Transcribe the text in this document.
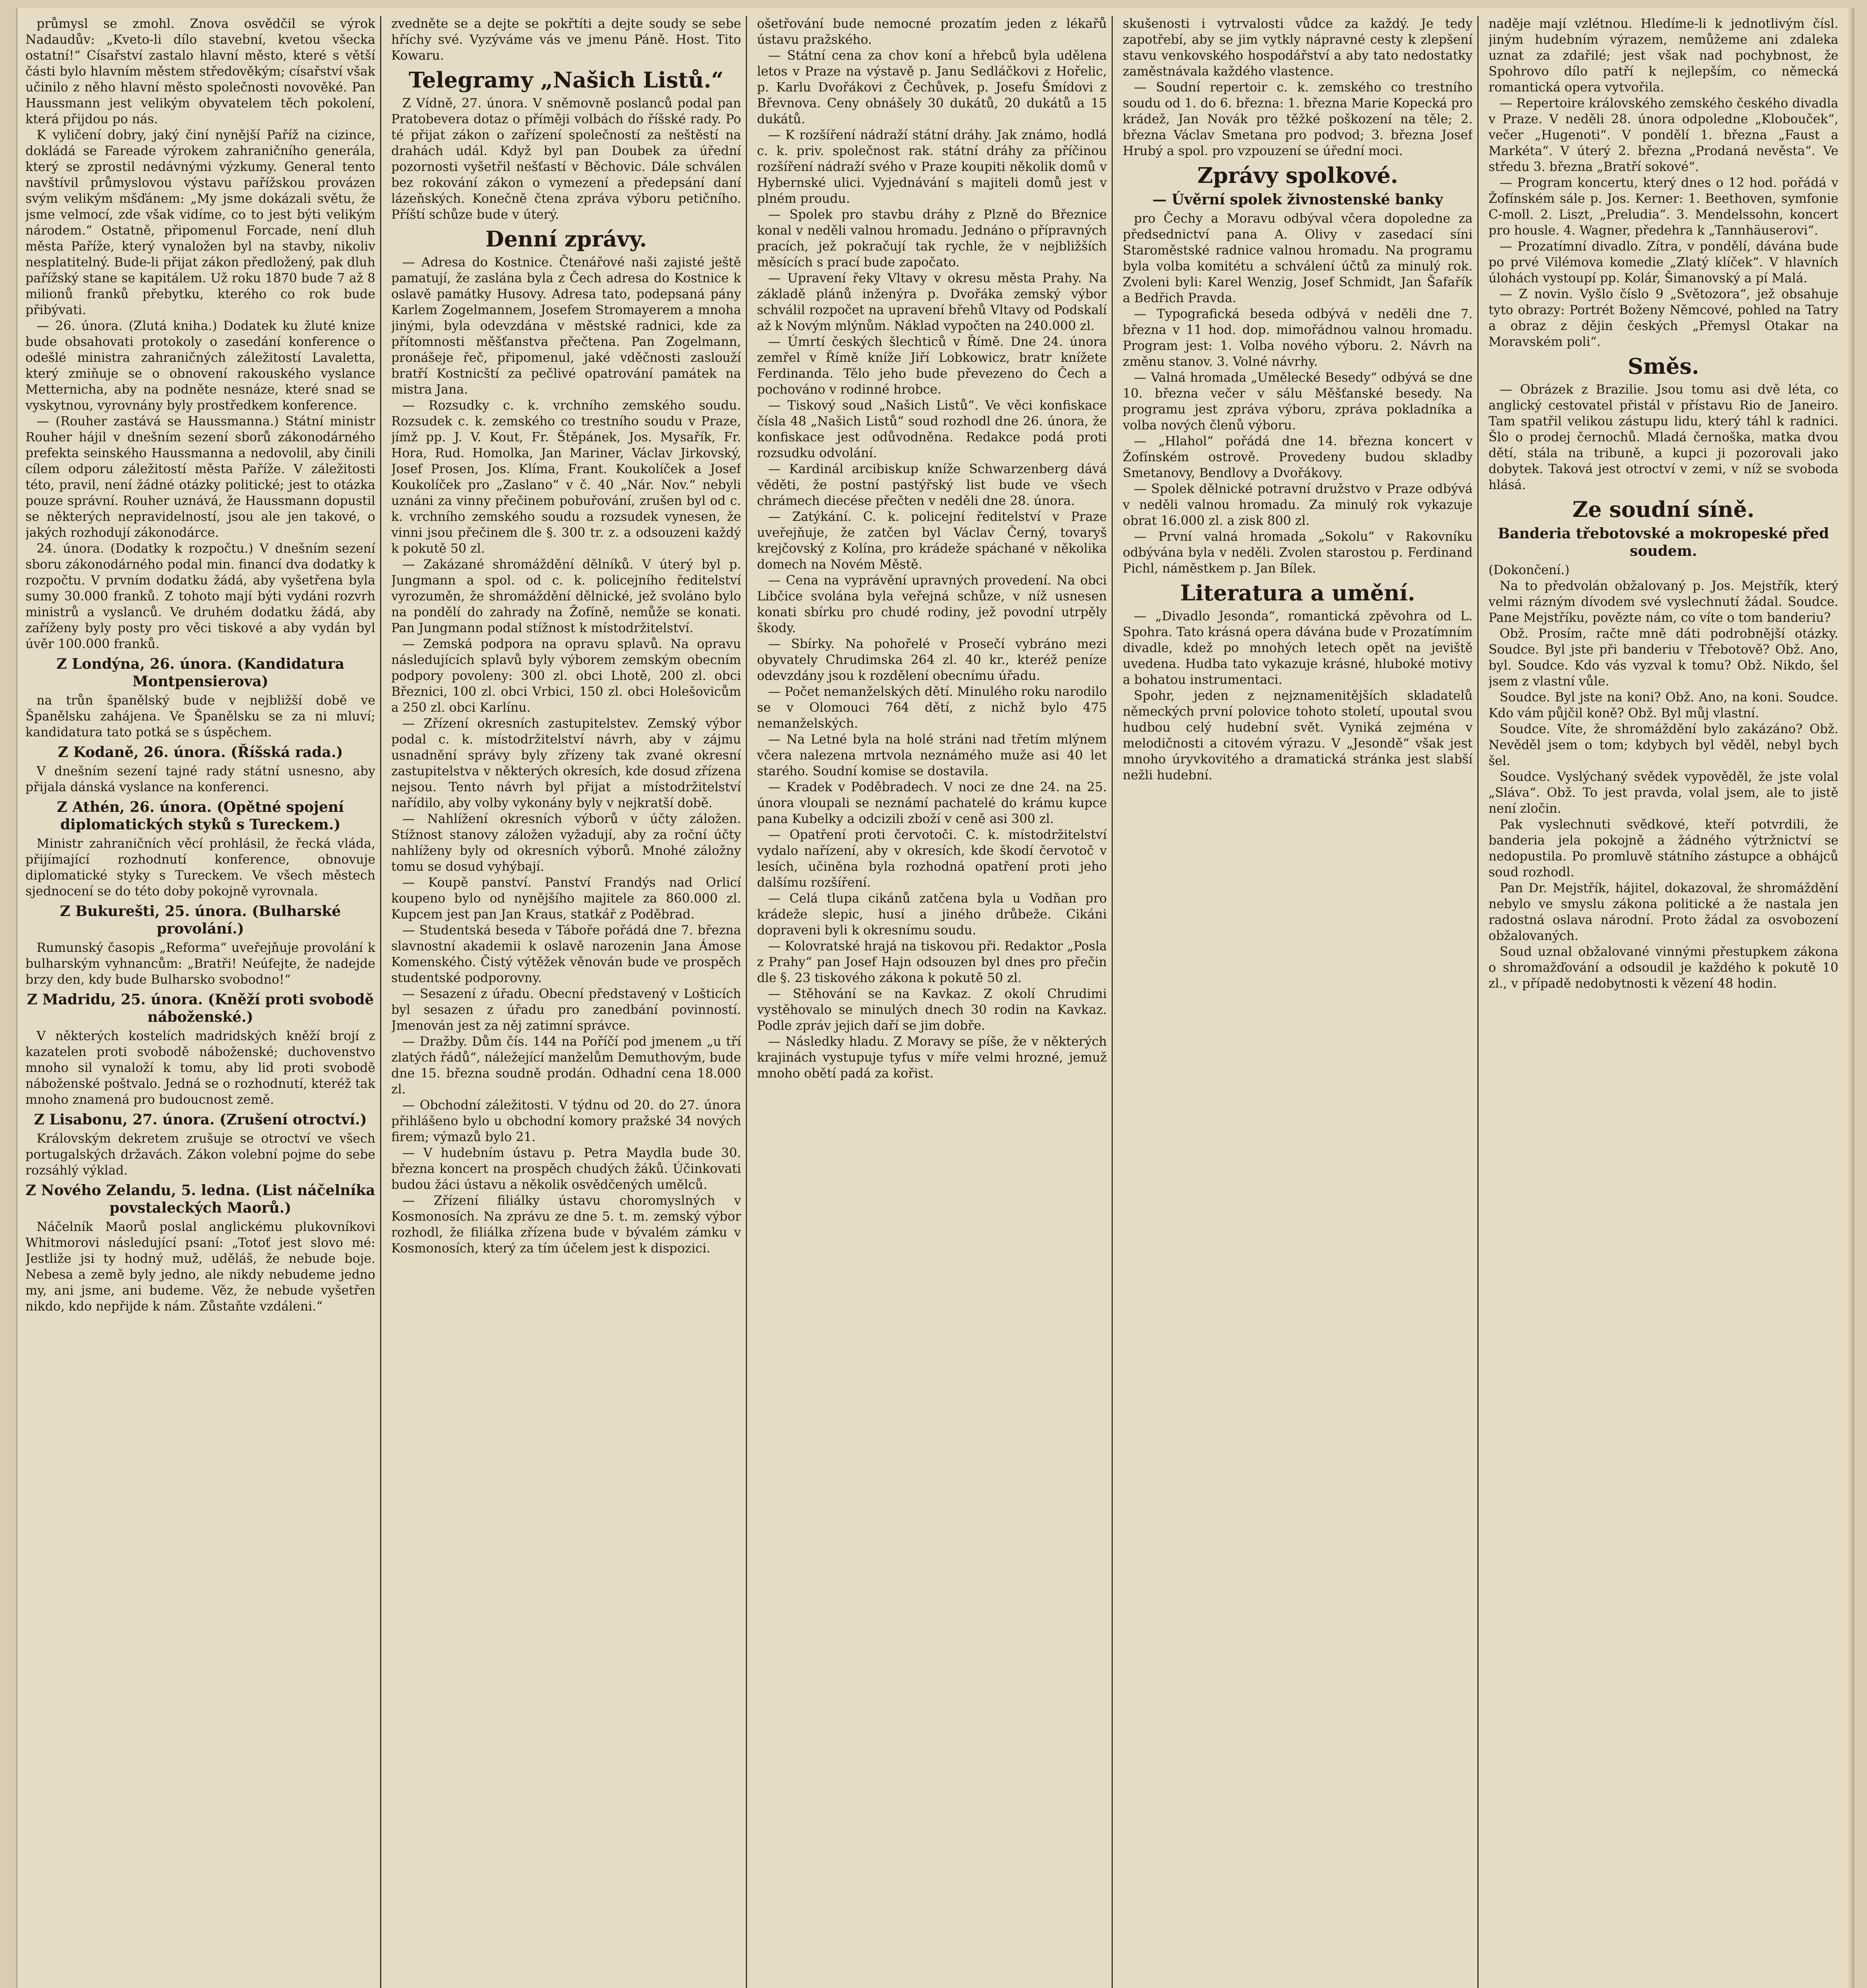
průmysl se zmohl. Znova osvědčil se výrok Nadaudův: „Kveto-li dílo stavební, kvetou všecka ostatní!“ Císařství zastalo hlavní město, které s větší části bylo hlavním městem středověkým; císařství však učinilo z něho hlavní město společnosti novověké. Pan Haussmann jest velikým obyvatelem těch pokolení, která přijdou po nás.

K vyličení dobry, jaký činí nynější Paříž na cizince, dokládá se Fareade výrokem zahraničního generála, který se zprostil nedávnými výzkumy. General tento navštívil průmyslovou výstavu pařížskou provázen svým velikým mšďánem: „My jsme dokázali světu, že jsme velmocí, zde však vidíme, co to jest býti velikým národem.“ Ostatně, připomenul Forcade, není dluh města Paříže, který vynaložen byl na stavby, nikoliv nesplatitelný. Bude-li přijat zákon předložený, pak dluh pařížský stane se kapitálem. Už roku 1870 bude 7 až 8 milionů franků přebytku, kterého co rok bude přibývati.

— 26. února. (Zlutá kniha.) Dodatek ku žluté knize bude obsahovati protokoly o zasedání konference o odešlé ministra zahraničných záležitostí Lavaletta, který zmiňuje se o obnovení rakouského vyslance Metternicha, aby na podněte nesnáze, které snad se vyskytnou, vyrovnány byly prostředkem konference.

— (Rouher zastává se Haussmanna.) Státní ministr Rouher hájil v dnešním sezení sborů zákonodárného prefekta seinského Haussmanna a nedovolil, aby činili cílem odporu záležitostí města Paříže. V záležitosti této, pravil, není žádné otázky politické; jest to otázka pouze správní. Rouher uznává, že Haussmann dopustil se některých nepravidelností, jsou ale jen takové, o jakých rozhodují zákonodárce.

24. února. (Dodatky k rozpočtu.) V dnešním sezení sboru zákonodárného podal min. financí dva dodatky k rozpočtu. V prvním dodatku žádá, aby vyšetřena byla sumy 30.000 franků. Z tohoto mají býti vydáni rozvrh ministrů a vyslanců. Ve druhém dodatku žádá, aby zaříženy byly posty pro věci tiskové a aby vydán byl úvěr 100.000 franků.

Z Londýna, 26. února. (Kandidatura Montpensierova)

na trůn španělský bude v nejbližší době ve Španělsku zahájena. Ve Španělsku se za ni mluví; kandidatura tato potká se s úspěchem.

Z Kodaně, 26. února. (Říšská rada.)

V dnešním sezení tajné rady státní usnesno, aby přijala dánská vyslance na konferenci.

Z Athén, 26. února. (Opětné spojení diplomatických styků s Tureckem.)

Ministr zahraničních věcí prohlásil, že řecká vláda, přijímající rozhodnutí konference, obnovuje diplomatické styky s Tureckem. Ve všech městech sjednocení se do této doby pokojně vyrovnala.

Z Bukurešti, 25. února. (Bulharské provolání.)

Rumunský časopis „Reforma“ uveřejňuje provolání k bulharským vyhnancům: „Bratři! Neúfejte, že nadejde brzy den, kdy bude Bulharsko svobodno!“

Z Madridu, 25. února. (Kněží proti svobodě náboženské.)

V některých kostelích madridských kněží brojí z kazatelen proti svobodě náboženské; duchovenstvo mnoho sil vynaloží k tomu, aby lid proti svobodě náboženské poštvalo. Jedná se o rozhodnutí, kteréž tak mnoho znamená pro budoucnost země.

Z Lisabonu, 27. února. (Zrušení otroctví.)

Královským dekretem zrušuje se otroctví ve všech portugalských državách. Zákon volební pojme do sebe rozsáhlý výklad.

Z Nového Zelandu, 5. ledna. (List náčelníka povstaleckých Maorů.)

Náčelník Maorů poslal anglickému plukovníkovi Whitmorovi následující psaní: „Totoť jest slovo mé: Jestliže jsi ty hodný muž, uděláš, že nebude boje. Nebesa a země byly jedno, ale nikdy nebudeme jedno my, ani jsme, ani budeme. Věz, že nebude vyšetřen nikdo, kdo nepřijde k nám. Zůstaňte vzdáleni.“

zvedněte se a dejte se pokřtíti a dejte soudy se sebe hříchy své. Vyzýváme vás ve jmenu Páně. Host. Tito Kowaru.

Telegramy „Našich Listů.“

Z Vídně, 27. února. V sněmovně poslanců podal pan Pratobevera dotaz o příměji volbách do říšské rady. Po té přijat zákon o zařízení společností za neštěstí na drahách udál. Když byl pan Doubek za úřední pozornosti vyšetřil nešťastí v Běchovic. Dále schválen bez rokování zákon o vymezení a předepsání daní lázeňských. Konečně čtena zpráva výboru petičního. Příští schůze bude v úterý.

Denní zprávy.

— Adresa do Kostnice. Čtenářové naši zajisté ještě pamatují, že zaslána byla z Čech adresa do Kostnice k oslavě památky Husovy. Adresa tato, podepsaná pány Karlem Zogelmannem, Josefem Stromayerem a mnoha jinými, byla odevzdána v městské radnici, kde za přítomnosti měšťanstva přečtena. Pan Zogelmann, pronášeje řeč, připomenul, jaké vděčnosti zaslouží bratří Kostnicští za pečlivé opatrování památek na mistra Jana.

— Rozsudky c. k. vrchního zemského soudu. Rozsudek c. k. zemského co trestního soudu v Praze, jímž pp. J. V. Kout, Fr. Štěpánek, Jos. Mysařík, Fr. Hora, Rud. Homolka, Jan Mariner, Václav Jirkovský, Josef Prosen, Jos. Klíma, Frant. Koukolíček a Josef Koukolíček pro „Zaslano“ v č. 40 „Nár. Nov.“ nebyli uznáni za vinny přečinem pobuřování, zrušen byl od c. k. vrchního zemského soudu a rozsudek vynesen, že vinni jsou přečinem dle §. 300 tr. z. a odsouzeni každý k pokutě 50 zl.

— Zakázané shromáždění dělníků. V úterý byl p. Jungmann a spol. od c. k. policejního ředitelství vyrozuměn, že shromáždění dělnické, jež svoláno bylo na pondělí do zahrady na Žofíně, nemůže se konati. Pan Jungmann podal stížnost k místodržitelství.

— Zemská podpora na opravu splavů. Na opravu následujících splavů byly výborem zemským obecním podpory povoleny: 300 zl. obci Lhotě, 200 zl. obci Březnici, 100 zl. obci Vrbici, 150 zl. obci Holešovicům a 250 zl. obci Karlínu.

— Zřízení okresních zastupitelstev. Zemský výbor podal c. k. místodržitelství návrh, aby v zájmu usnadnění správy byly zřízeny tak zvané okresní zastupitelstva v některých okresích, kde dosud zřízena nejsou. Tento návrh byl přijat a místodržitelství nařídilo, aby volby vykonány byly v nejkratší době.

— Nahlížení okresních výborů v účty záložen. Stížnost stanovy záložen vyžadují, aby za roční účty nahlíženy byly od okresních výborů. Mnohé záložny tomu se dosud vyhýbají.

— Koupě panství. Panství Frandýs nad Orlicí koupeno bylo od nynějšího majitele za 860.000 zl. Kupcem jest pan Jan Kraus, statkář z Poděbrad.

— Studentská beseda v Táboře pořádá dne 7. března slavnostní akademii k oslavě narozenin Jana Ámose Komenského. Čistý výtěžek věnován bude ve prospěch studentské podporovny.

— Sesazení z úřadu. Obecní představený v Lošticích byl sesazen z úřadu pro zanedbání povinností. Jmenován jest za něj zatimní správce.

— Dražby. Dům čís. 144 na Poříčí pod jmenem „u tří zlatých řádů“, náležející manželům Demuthovým, bude dne 15. března soudně prodán. Odhadní cena 18.000 zl.

— Obchodní záležitosti. V týdnu od 20. do 27. února přihlášeno bylo u obchodní komory pražské 34 nových firem; výmazů bylo 21.

— V hudebním ústavu p. Petra Maydla bude 30. března koncert na prospěch chudých žáků. Účinkovati budou žáci ústavu a několik osvědčených umělců.

— Zřízení filiálky ústavu choromyslných v Kosmonosích. Na zprávu ze dne 5. t. m. zemský výbor rozhodl, že filiálka zřízena bude v bývalém zámku v Kosmonosích, který za tím účelem jest k dispozici.

ošetřování bude nemocné prozatím jeden z lékařů ústavu pražského.

— Státní cena za chov koní a hřebců byla udělena letos v Praze na výstavě p. Janu Sedláčkovi z Hořelic, p. Karlu Dvořákovi z Čechůvek, p. Josefu Šmídovi z Břevnova. Ceny obnášely 30 dukátů, 20 dukátů a 15 dukátů.

— K rozšíření nádraží státní dráhy. Jak známo, hodlá c. k. priv. společnost rak. státní dráhy za příčinou rozšíření nádraží svého v Praze koupiti několik domů v Hybernské ulici. Vyjednávání s majiteli domů jest v plném proudu.

— Spolek pro stavbu dráhy z Plzně do Březnice konal v neděli valnou hromadu. Jednáno o přípravných pracích, jež pokračují tak rychle, že v nejbližších měsících s prací bude započato.

— Upravení řeky Vltavy v okresu města Prahy. Na základě plánů inženýra p. Dvořáka zemský výbor schválil rozpočet na upravení břehů Vltavy od Podskalí až k Novým mlýnům. Náklad vypočten na 240.000 zl.

— Úmrtí českých šlechticů v Římě. Dne 24. února zemřel v Římě kníže Jiří Lobkowicz, bratr knížete Ferdinanda. Tělo jeho bude převezeno do Čech a pochováno v rodinné hrobce.

— Tiskový soud „Našich Listů“. Ve věci konfiskace čísla 48 „Našich Listů“ soud rozhodl dne 26. února, že konfiskace jest odůvodněna. Redakce podá proti rozsudku odvolání.

— Kardinál arcibiskup kníže Schwarzenberg dává věděti, že postní pastýřský list bude ve všech chrámech diecése přečten v neděli dne 28. února.

— Zatýkání. C. k. policejní ředitelství v Praze uveřejňuje, že zatčen byl Václav Černý, tovaryš krejčovský z Kolína, pro krádeže spáchané v několika domech na Novém Městě.

— Cena na vyprávění upravných provedení. Na obci Libčice svolána byla veřejná schůze, v níž usnesen konati sbírku pro chudé rodiny, jež povodní utrpěly škody.

— Sbírky. Na pohořelé v Prosečí vybráno mezi obyvately Chrudimska 264 zl. 40 kr., kteréž peníze odevzdány jsou k rozdělení obecnímu úřadu.

— Počet nemanželských dětí. Minulého roku narodilo se v Olomouci 764 dětí, z nichž bylo 475 nemanželských.

— Na Letné byla na holé stráni nad třetím mlýnem včera nalezena mrtvola neznámého muže asi 40 let starého. Soudní komise se dostavila.

— Kradek v Poděbradech. V noci ze dne 24. na 25. února vloupali se neznámí pachatelé do krámu kupce pana Kubelky a odcizili zboží v ceně asi 300 zl.

— Opatření proti červotoči. C. k. místodržitelství vydalo nařízení, aby v okresích, kde škodí červotoč v lesích, učiněna byla rozhodná opatření proti jeho dalšímu rozšíření.

— Celá tlupa cikánů zatčena byla u Vodňan pro krádeže slepic, husí a jiného drůbeže. Cikáni dopraveni byli k okresnímu soudu.

— Kolovratské hrajá na tiskovou při. Redaktor „Posla z Prahy“ pan Josef Hajn odsouzen byl dnes pro přečin dle §. 23 tiskového zákona k pokutě 50 zl.

— Stěhování se na Kavkaz. Z okolí Chrudimi vystěhovalo se minulých dnech 30 rodin na Kavkaz. Podle zpráv jejich daří se jim dobře.

— Následky hladu. Z Moravy se píše, že v některých krajinách vystupuje tyfus v míře velmi hrozné, jemuž mnoho obětí padá za kořist.

skušenosti i vytrvalosti vůdce za každý. Je tedy zapotřebí, aby se jim vytkly nápravné cesty k zlepšení stavu venkovského hospodářství a aby tato nedostatky zaměstnávala každého vlastence.

— Soudní repertoir c. k. zemského co trestního soudu od 1. do 6. března: 1. března Marie Kopecká pro krádež, Jan Novák pro těžké poškození na těle; 2. března Václav Smetana pro podvod; 3. března Josef Hrubý a spol. pro vzpouzení se úřední moci.

Zprávy spolkové.
— Úvěrní spolek živnostenské banky

pro Čechy a Moravu odbýval včera dopoledne za předsednictví pana A. Olivy v zasedací síni Staroměstské radnice valnou hromadu. Na programu byla volba komitétu a schválení účtů za minulý rok. Zvoleni byli: Karel Wenzig, Josef Schmidt, Jan Šafařík a Bedřich Pravda.

— Typografická beseda odbývá v neděli dne 7. března v 11 hod. dop. mimořádnou valnou hromadu. Program jest: 1. Volba nového výboru. 2. Návrh na změnu stanov. 3. Volné návrhy.

— Valná hromada „Umělecké Besedy“ odbývá se dne 10. března večer v sálu Měšťanské besedy. Na programu jest zpráva výboru, zpráva pokladníka a volba nových členů výboru.

— „Hlahol“ pořádá dne 14. března koncert v Žofínském ostrově. Provedeny budou skladby Smetanovy, Bendlovy a Dvořákovy.

— Spolek dělnické potravní družstvo v Praze odbývá v neděli valnou hromadu. Za minulý rok vykazuje obrat 16.000 zl. a zisk 800 zl.

— První valná hromada „Sokolu“ v Rakovníku odbývána byla v neděli. Zvolen starostou p. Ferdinand Pichl, náměstkem p. Jan Bílek.

Literatura a umění.

— „Divadlo Jesonda“, romantická zpěvohra od L. Spohra. Tato krásná opera dávána bude v Prozatímním divadle, kdež po mnohých letech opět na jeviště uvedena. Hudba tato vykazuje krásné, hluboké motivy a bohatou instrumentaci.

Spohr, jeden z nejznamenitějších skladatelů německých první polovice tohoto století, upoutal svou hudbou celý hudební svět. Vyniká zejména v melodičnosti a citovém výrazu. V „Jesondě“ však jest mnoho úryvkovitého a dramatická stránka jest slabší nežli hudební.

naděje mají vzlétnou. Hledíme-li k jednotlivým čísl. jiným hudebním výrazem, nemůžeme ani zdaleka uznat za zdařilé; jest však nad pochybnost, že Spohrovo dílo patří k nejlepším, co německá romantická opera vytvořila.

— Repertoire královského zemského českého divadla v Praze. V neděli 28. února odpoledne „Klobouček“, večer „Hugenoti“. V pondělí 1. března „Faust a Markéta“. V úterý 2. března „Prodaná nevěsta“. Ve středu 3. března „Bratří sokové“.

— Program koncertu, který dnes o 12 hod. pořádá v Žofínském sále p. Jos. Kerner: 1. Beethoven, symfonie C-moll. 2. Liszt, „Preludia“. 3. Mendelssohn, koncert pro housle. 4. Wagner, předehra k „Tannhäuserovi“.

— Prozatímní divadlo. Zítra, v pondělí, dávána bude po prvé Vilémova komedie „Zlatý klíček“. V hlavních úlohách vystoupí pp. Kolár, Šimanovský a pí Malá.

— Z novin. Vyšlo číslo 9 „Světozora“, jež obsahuje tyto obrazy: Portrét Boženy Němcové, pohled na Tatry a obraz z dějin českých „Přemysl Otakar na Moravském poli“.

Směs.

— Obrázek z Brazilie. Jsou tomu asi dvě léta, co anglický cestovatel přistál v přístavu Rio de Janeiro. Tam spatřil velikou zástupu lidu, který táhl k radnici. Šlo o prodej černochů. Mladá černoška, matka dvou dětí, stála na tribuně, a kupci ji pozorovali jako dobytek. Taková jest otroctví v zemi, v níž se svoboda hlásá.

Ze soudní síně.
Banderia třebotovské a mokropeské před soudem.

(Dokončení.)

Na to předvolán obžalovaný p. Jos. Mejstřík, který velmi rázným dívodem své vyslechnutí žádal. Soudce. Pane Mejstříku, povězte nám, co víte o tom banderiu?

Obž. Prosím, račte mně dáti podrobnější otázky. Soudce. Byl jste při banderiu v Třebotově? Obž. Ano, byl. Soudce. Kdo vás vyzval k tomu? Obž. Nikdo, šel jsem z vlastní vůle.

Soudce. Byl jste na koni? Obž. Ano, na koni. Soudce. Kdo vám půjčil koně? Obž. Byl můj vlastní.

Soudce. Víte, že shromáždění bylo zakázáno? Obž. Nevěděl jsem o tom; kdybych byl věděl, nebyl bych šel.

Soudce. Vyslýchaný svědek vypověděl, že jste volal „Sláva“. Obž. To jest pravda, volal jsem, ale to jistě není zločin.

Pak vyslechnuti svědkové, kteří potvrdili, že banderia jela pokojně a žádného výtržnictví se nedopustila. Po promluvě státního zástupce a obhájců soud rozhodl.

Pan Dr. Mejstřík, hájitel, dokazoval, že shromáždění nebylo ve smyslu zákona politické a že nastala jen radostná oslava národní. Proto žádal za osvobození obžalovaných.

Soud uznal obžalované vinnými přestupkem zákona o shromažďování a odsoudil je každého k pokutě 10 zl., v případě nedobytnosti k vězení 48 hodin.
